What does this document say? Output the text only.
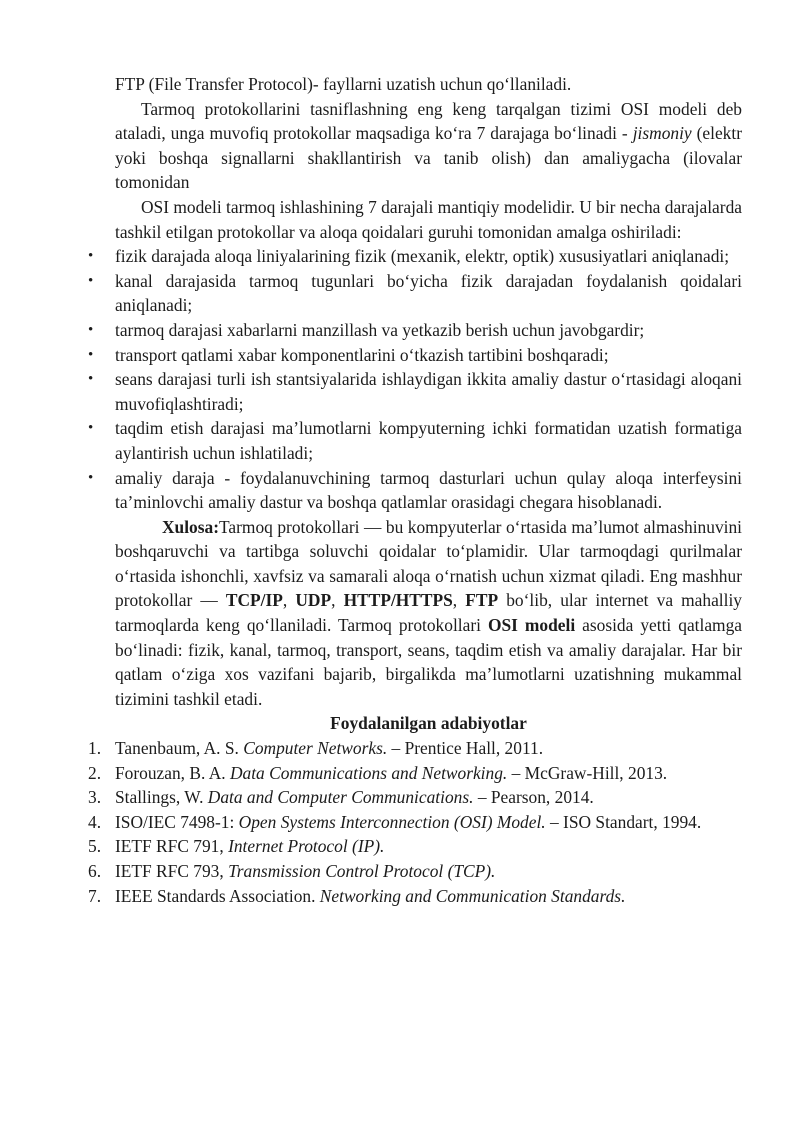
FTP (File Transfer Protocol)- fayllarni uzatish uchun qo‘llaniladi.

Tarmoq protokollarini tasniflashning eng keng tarqalgan tizimi OSI modeli deb ataladi, unga muvofiq protokollar maqsadiga ko‘ra 7 darajaga bo‘linadi - jismoniy (elektr yoki boshqa signallarni shakllantirish va tanib olish) dan amaliygacha (ilovalar tomonidan

OSI modeli tarmoq ishlashining 7 darajali mantiqiy modelidir. U bir necha darajalarda tashkil etilgan protokollar va aloqa qoidalari guruhi tomonidan amalga oshiriladi:

• fizik darajada aloqa liniyalarining fizik (mexanik, elektr, optik) xususiyatlari aniqlanadi;
• kanal darajasida tarmoq tugunlari bo‘yicha fizik darajadan foydalanish qoidalari aniqlanadi;
• tarmoq darajasi xabarlarni manzillash va yetkazib berish uchun javobgardir;
• transport qatlami xabar komponentlarini o‘tkazish tartibini boshqaradi;
• seans darajasi turli ish stantsiyalarida ishlaydigan ikkita amaliy dastur o‘rtasidagi aloqani muvofiqlashtiradi;
• taqdim etish darajasi ma’lumotlarni kompyuterning ichki formatidan uzatish formatiga aylantirish uchun ishlatiladi;
• amaliy daraja - foydalanuvchining tarmoq dasturlari uchun qulay aloqa interfeysini ta’minlovchi amaliy dastur va boshqa qatlamlar orasidagi chegara hisoblanadi.

Xulosa:Tarmoq protokollari — bu kompyuterlar o‘rtasida ma’lumot almashinuvini boshqaruvchi va tartibga soluvchi qoidalar to‘plamidir. Ular tarmoqdagi qurilmalar o‘rtasida ishonchli, xavfsiz va samarali aloqa o‘rnatish uchun xizmat qiladi. Eng mashhur protokollar — TCP/IP, UDP, HTTP/HTTPS, FTP bo‘lib, ular internet va mahalliy tarmoqlarda keng qo‘llaniladi. Tarmoq protokollari OSI modeli asosida yetti qatlamga bo‘linadi: fizik, kanal, tarmoq, transport, seans, taqdim etish va amaliy darajalar. Har bir qatlam o‘ziga xos vazifani bajarib, birgalikda ma’lumotlarni uzatishning mukammal tizimini tashkil etadi.

Foydalanilgan adabiyotlar

1. Tanenbaum, A. S. Computer Networks. – Prentice Hall, 2011.
2. Forouzan, B. A. Data Communications and Networking. – McGraw-Hill, 2013.
3. Stallings, W. Data and Computer Communications. – Pearson, 2014.
4. ISO/IEC 7498-1: Open Systems Interconnection (OSI) Model. – ISO Standart, 1994.
5. IETF RFC 791, Internet Protocol (IP).
6. IETF RFC 793, Transmission Control Protocol (TCP).
7. IEEE Standards Association. Networking and Communication Standards.
